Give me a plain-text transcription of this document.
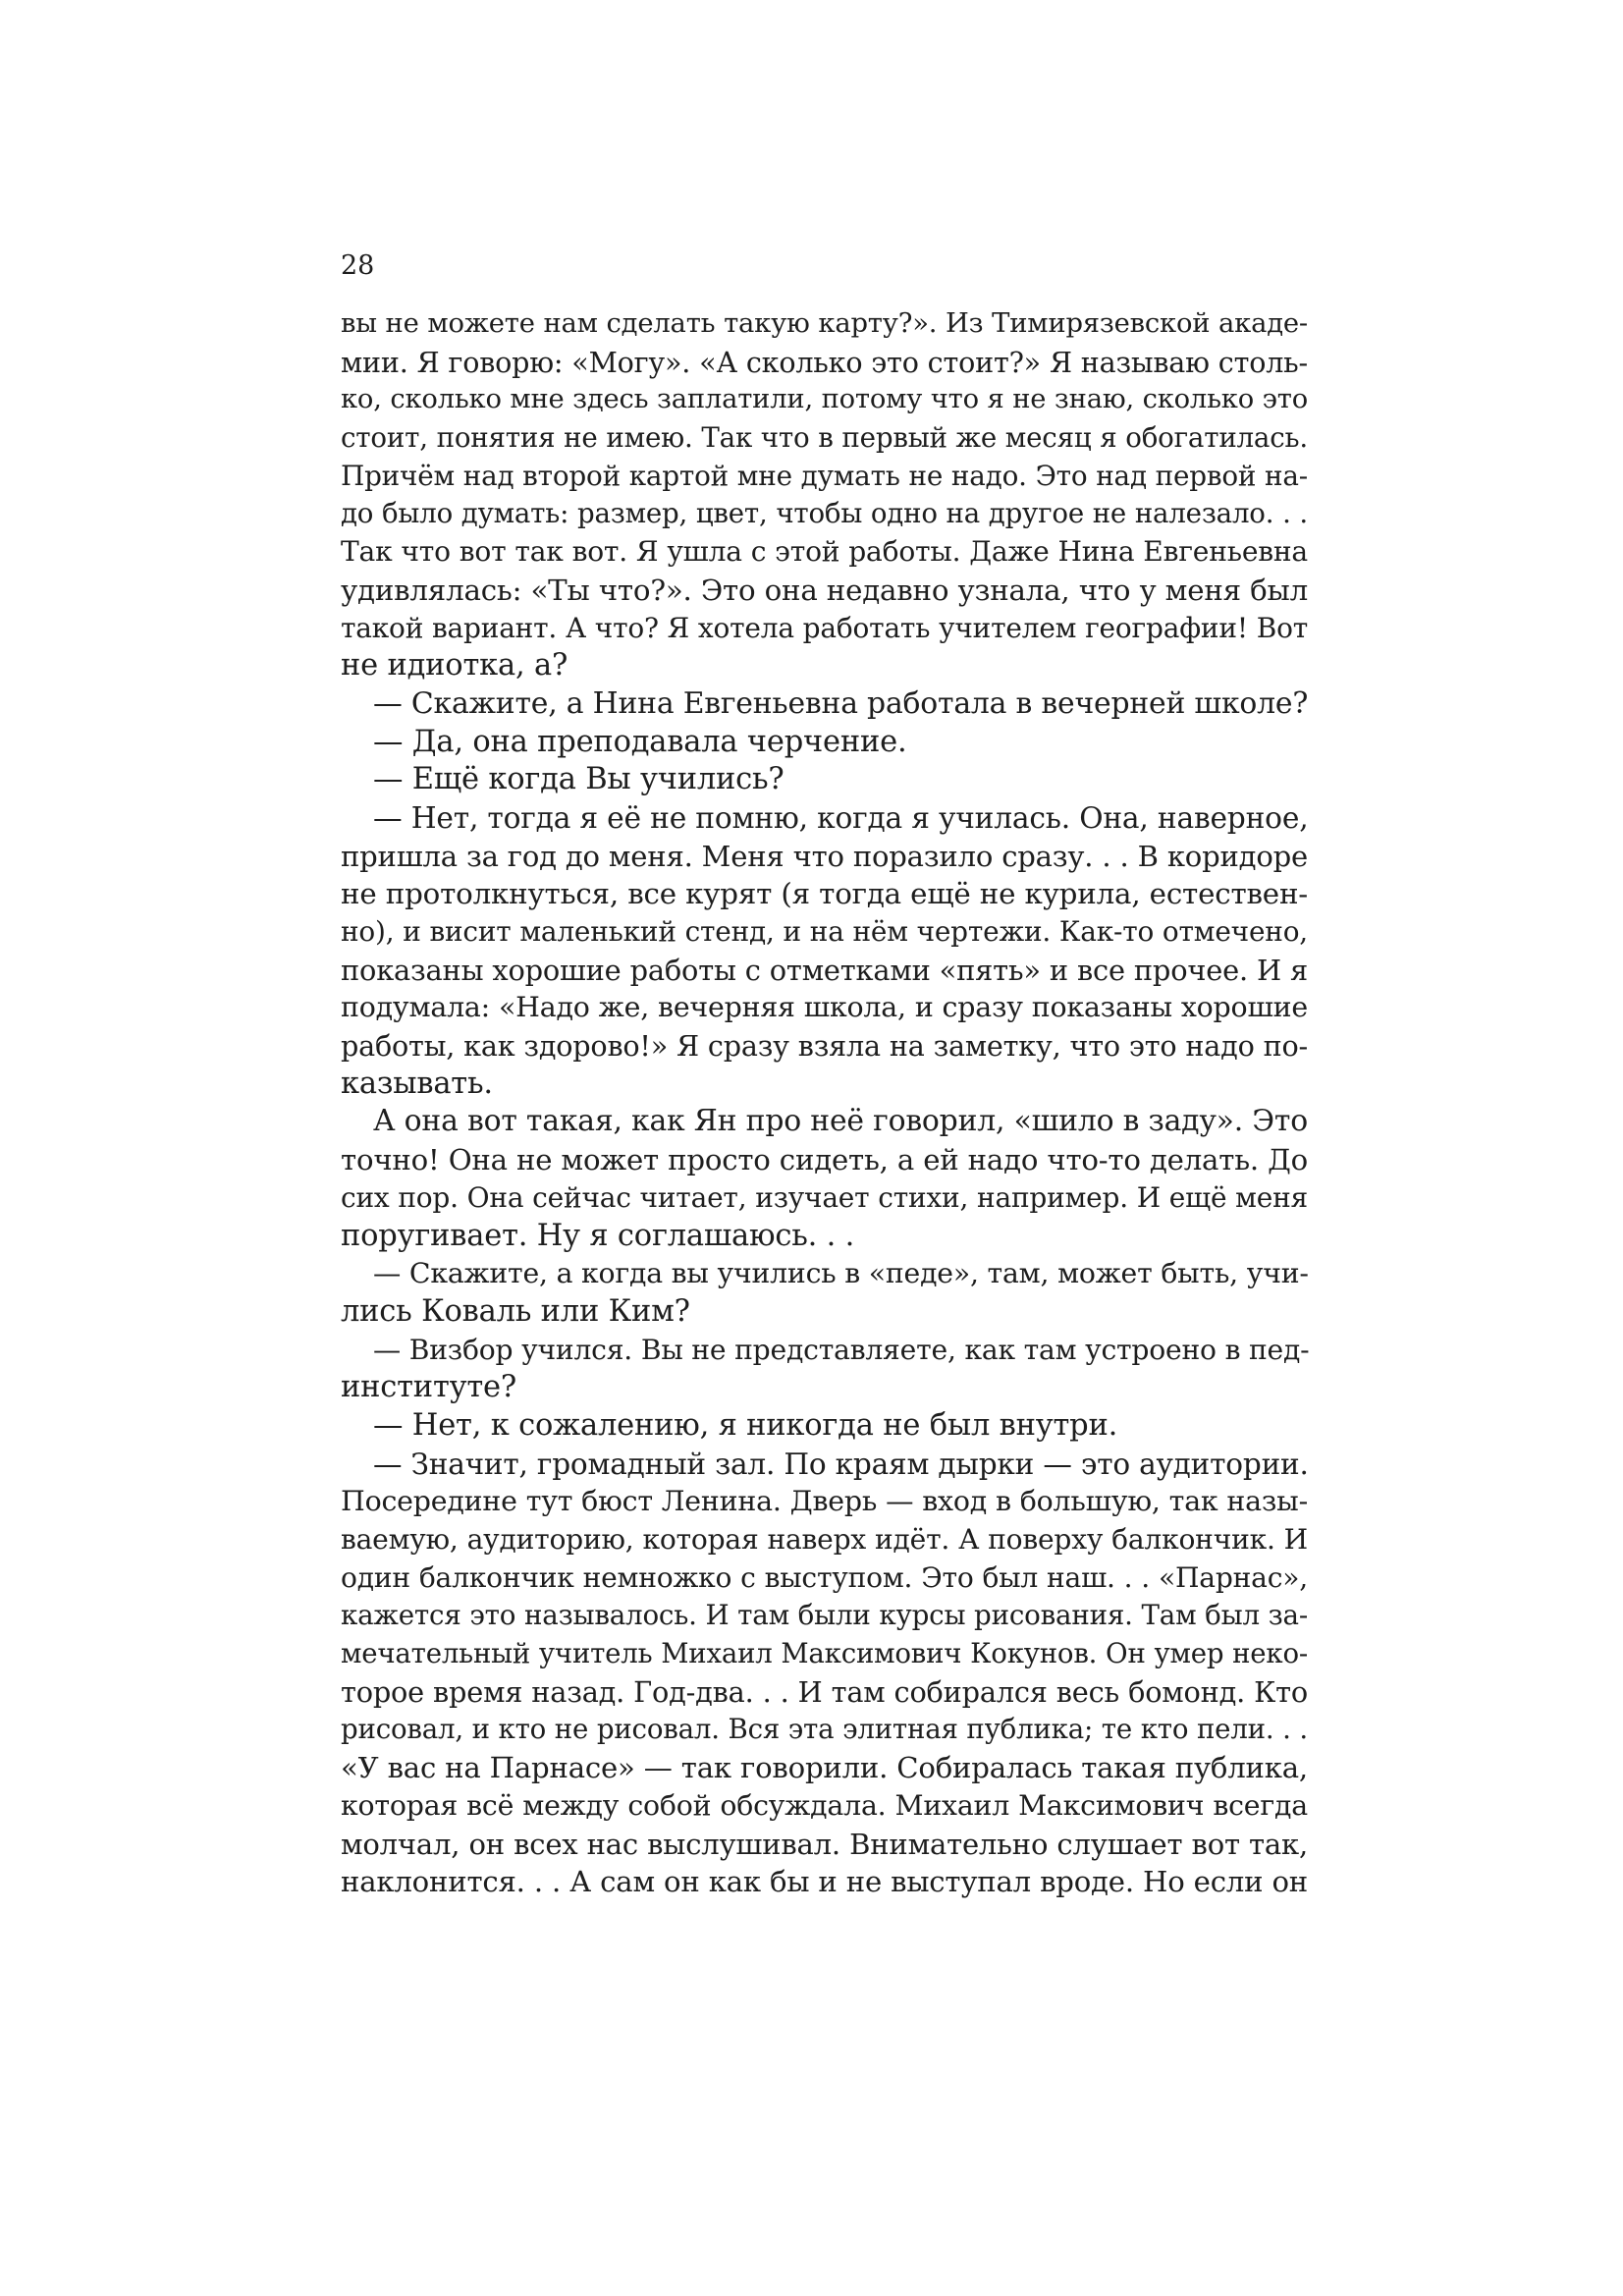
28
вы не можете нам сделать такую карту?». Из Тимирязевской акаде-
мии. Я говорю: «Могу». «А сколько это стоит?» Я называю столь-
ко, сколько мне здесь заплатили, потому что я не знаю, сколько это
стоит, понятия не имею. Так что в первый же месяц я обогатилась.
Причём над второй картой мне думать не надо. Это над первой на-
до было думать: размер, цвет, чтобы одно на другое не налезало. . .
Так что вот так вот. Я ушла с этой работы. Даже Нина Евгеньевна
удивлялась: «Ты что?». Это она недавно узнала, что у меня был
такой вариант. А что? Я хотела работать учителем географии! Вот
не идиотка, а?
— Скажите, а Нина Евгеньевна работала в вечерней школе?
— Да, она преподавала черчение.
— Ещё когда Вы учились?
— Нет, тогда я её не помню, когда я училась. Она, наверное,
пришла за год до меня. Меня что поразило сразу. . . В коридоре
не протолкнуться, все курят (я тогда ещё не курила, естествен-
но), и висит маленький стенд, и на нём чертежи. Как-то отмечено,
показаны хорошие работы с отметками «пять» и все прочее. И я
подумала: «Надо же, вечерняя школа, и сразу показаны хорошие
работы, как здорово!» Я сразу взяла на заметку, что это надо по-
казывать.
А она вот такая, как Ян про неё говорил, «шило в заду». Это
точно! Она не может просто сидеть, а ей надо что-то делать. До
сих пор. Она сейчас читает, изучает стихи, например. И ещё меня
поругивает. Ну я соглашаюсь. . .
— Скажите, а когда вы учились в «педе», там, может быть, учи-
лись Коваль или Ким?
— Визбор учился. Вы не представляете, как там устроено в пед-
институте?
— Нет, к сожалению, я никогда не был внутри.
— Значит, громадный зал. По краям дырки — это аудитории.
Посередине тут бюст Ленина. Дверь — вход в большую, так назы-
ваемую, аудиторию, которая наверх идёт. А поверху балкончик. И
один балкончик немножко с выступом. Это был наш. . . «Парнас»,
кажется это называлось. И там были курсы рисования. Там был за-
мечательный учитель Михаил Максимович Кокунов. Он умер неко-
торое время назад. Год-два. . . И там собирался весь бомонд. Кто
рисовал, и кто не рисовал. Вся эта элитная публика; те кто пели. . .
«У вас на Парнасе» — так говорили. Собиралась такая публика,
которая всё между собой обсуждала. Михаил Максимович всегда
молчал, он всех нас выслушивал. Внимательно слушает вот так,
наклонится. . . А сам он как бы и не выступал вроде. Но если он
